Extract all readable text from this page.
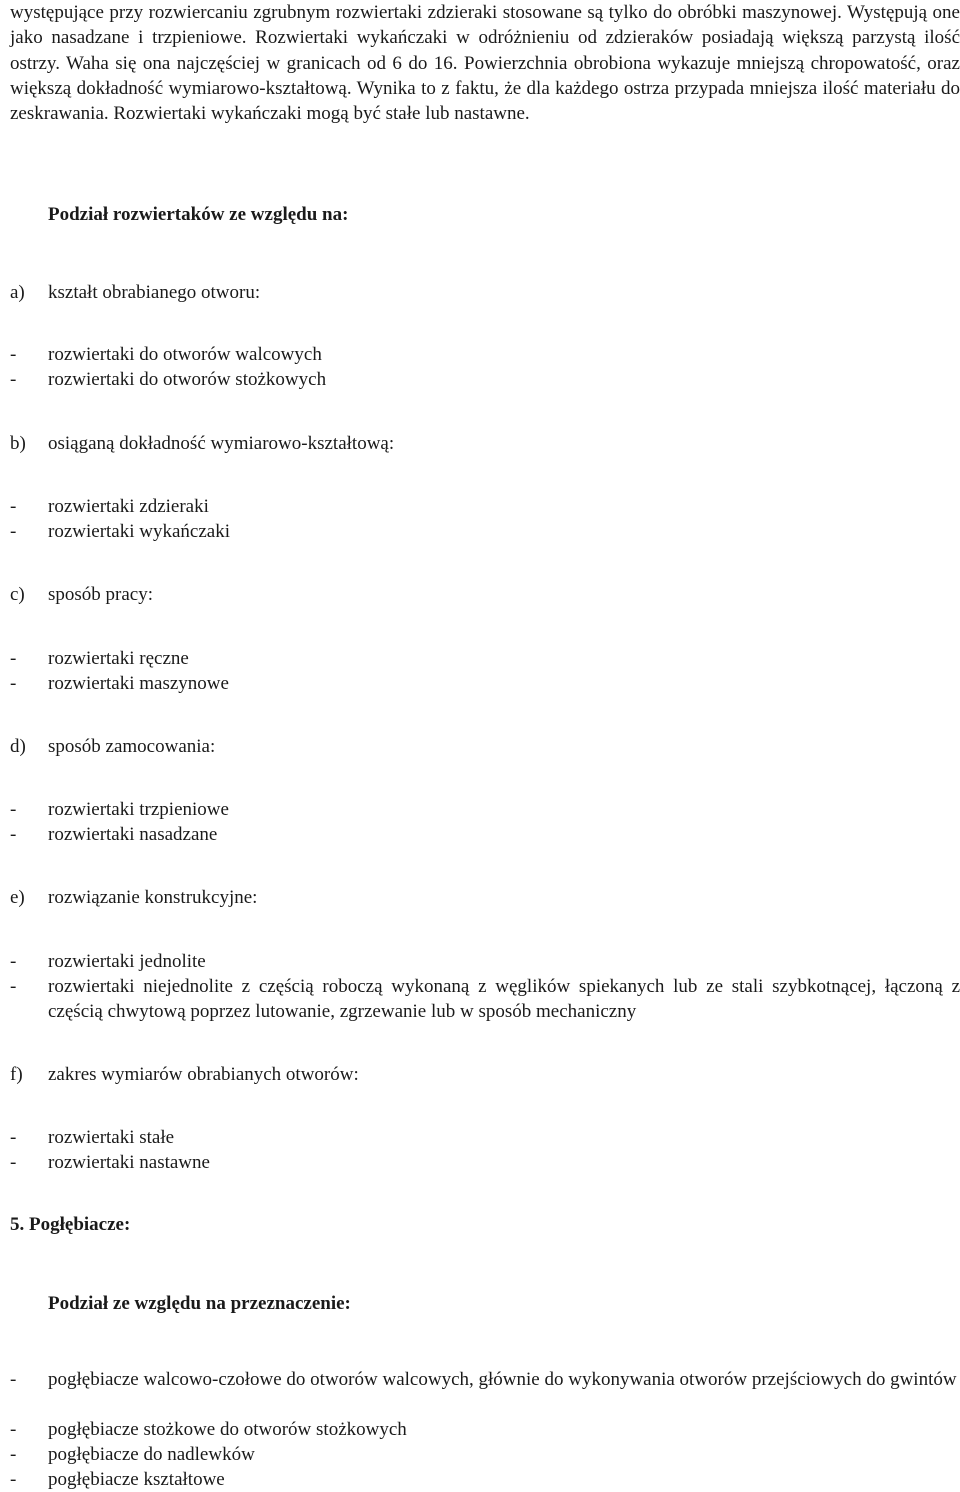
występujące przy rozwiercaniu zgrubnym rozwiertaki zdzieraki stosowane są tylko do obróbki maszynowej. Występują one jako nasadzane i trzpieniowe. Rozwiertaki wykańczaki w odróżnieniu od zdzieraków posiadają większą parzystą ilość ostrzy. Waha się ona najczęściej w granicach od 6 do 16. Powierzchnia obrobiona wykazuje mniejszą chropowatość, oraz większą dokładność wymiarowo-kształtową. Wynika to z faktu, że dla każdego ostrza przypada mniejsza ilość materiału do zeskrawania. Rozwiertaki wykańczaki mogą być stałe lub nastawne.

Podział rozwiertaków ze względu na:
a) kształt obrabianego otworu:
- rozwiertaki do otworów walcowych
- rozwiertaki do otworów stożkowych
b) osiąganą dokładność wymiarowo-kształtową:
- rozwiertaki zdzieraki
- rozwiertaki wykańczaki
c) sposób pracy:
- rozwiertaki ręczne
- rozwiertaki maszynowe
d) sposób zamocowania:
- rozwiertaki trzpieniowe
- rozwiertaki nasadzane
e) rozwiązanie konstrukcyjne:
- rozwiertaki jednolite
- rozwiertaki niejednolite z częścią roboczą wykonaną z węglików spiekanych lub ze stali szybkotnącej, łączoną z częścią chwytową poprzez lutowanie, zgrzewanie lub w sposób mechaniczny
f) zakres wymiarów obrabianych otworów:
- rozwiertaki stałe
- rozwiertaki nastawne
5. Pogłębiacze:
Podział ze względu na przeznaczenie:
- pogłębiacze walcowo-czołowe do otworów walcowych, głównie do wykonywania otworów przejściowych do gwintów
- pogłębiacze stożkowe do otworów stożkowych
- pogłębiacze do nadlewków
- pogłębiacze kształtowe
